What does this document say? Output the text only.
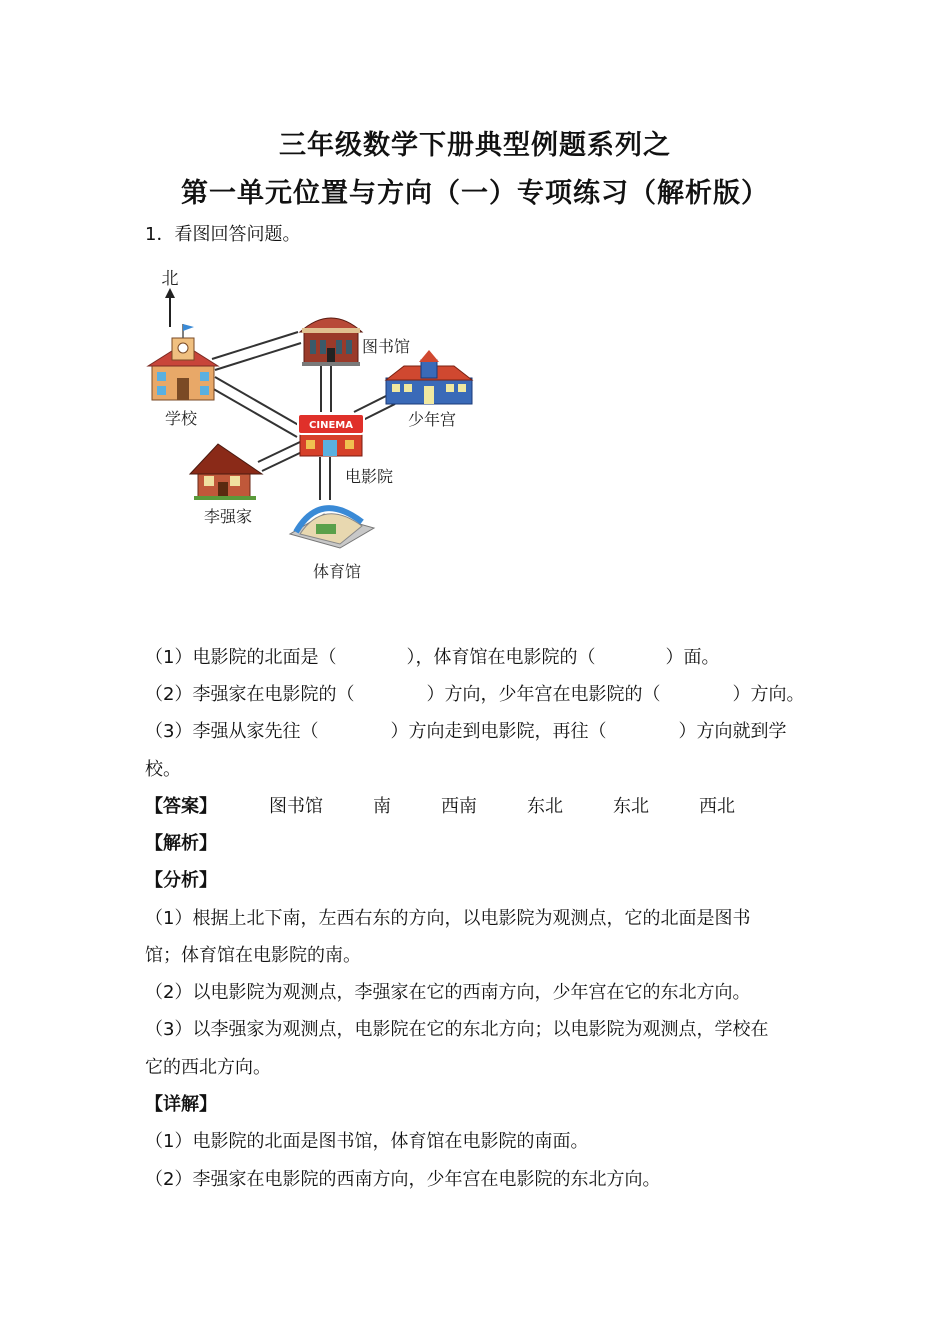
三年级数学下册典型例题系列之
第一单元位置与方向（一）专项练习（解析版）
1．看图回答问题。
北
学校
图书馆
少年宫
CINEMA
电影院
李强家
体育馆
（1）电影院的北面是（	），体育馆在电影院的（	）面。
（2）李强家在电影院的（	）方向，少年宫在电影院的（	）方向。
（3）李强从家先往（	）方向走到电影院，再往（	）方向就到学
校。
【答案】	图书馆	南	西南	东北	东北	西北
【解析】
【分析】
（1）根据上北下南，左西右东的方向，以电影院为观测点，它的北面是图书
馆；体育馆在电影院的南。
（2）以电影院为观测点，李强家在它的西南方向，少年宫在它的东北方向。
（3）以李强家为观测点，电影院在它的东北方向；以电影院为观测点，学校在
它的西北方向。
【详解】
（1）电影院的北面是图书馆，体育馆在电影院的南面。
（2）李强家在电影院的西南方向，少年宫在电影院的东北方向。
